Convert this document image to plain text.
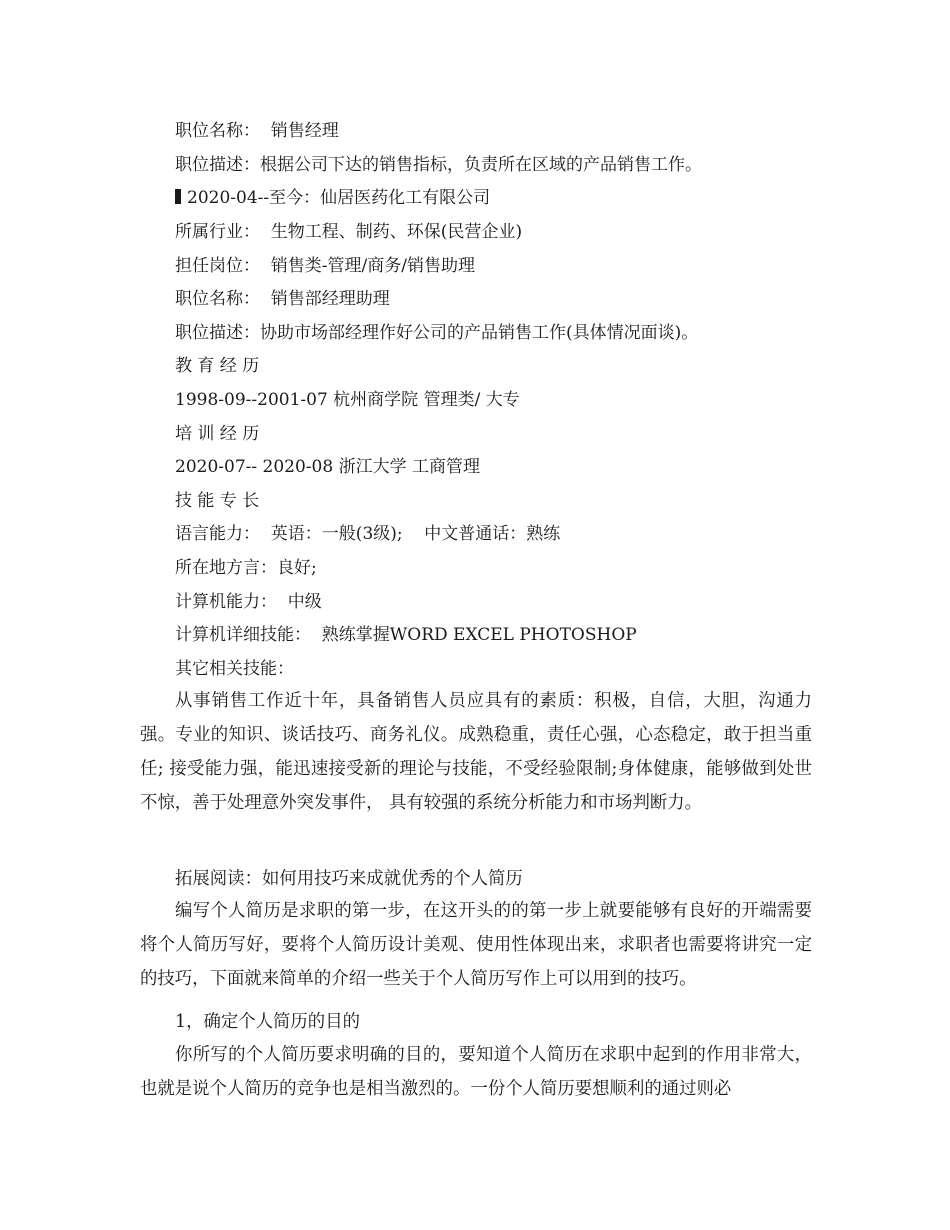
职位名称：  销售经理
职位描述：根据公司下达的销售指标，负责所在区域的产品销售工作。
2020-04--至今：仙居医药化工有限公司
所属行业：  生物工程、制药、环保(民营企业)
担任岗位：  销售类-管理/商务/销售助理
职位名称：  销售部经理助理
职位描述：协助市场部经理作好公司的产品销售工作(具体情况面谈)。
教 育 经 历
1998-09--2001-07 杭州商学院 管理类/ 大专
培 训 经 历
2020-07-- 2020-08 浙江大学 工商管理
技 能 专 长
语言能力：  英语：一般(3级);    中文普通话：熟练
所在地方言：良好;
计算机能力：  中级
计算机详细技能：  熟练掌握WORD EXCEL PHOTOSHOP
其它相关技能：

从事销售工作近十年，具备销售人员应具有的素质：积极，自信，大胆，沟通力强。专业的知识、谈话技巧、商务礼仪。成熟稳重，责任心强，心态稳定，敢于担当重任; 接受能力强，能迅速接受新的理论与技能，不受经验限制;身体健康，能够做到处世不惊，善于处理意外突发事件， 具有较强的系统分析能力和市场判断力。

拓展阅读：如何用技巧来成就优秀的个人简历

编写个人简历是求职的第一步，在这开头的的第一步上就要能够有良好的开端需要将个人简历写好，要将个人简历设计美观、使用性体现出来，求职者也需要将讲究一定的技巧，下面就来简单的介绍一些关于个人简历写作上可以用到的技巧。

1，确定个人简历的目的

你所写的个人简历要求明确的目的，要知道个人简历在求职中起到的作用非常大，也就是说个人简历的竞争也是相当激烈的。一份个人简历要想顺利的通过则必
